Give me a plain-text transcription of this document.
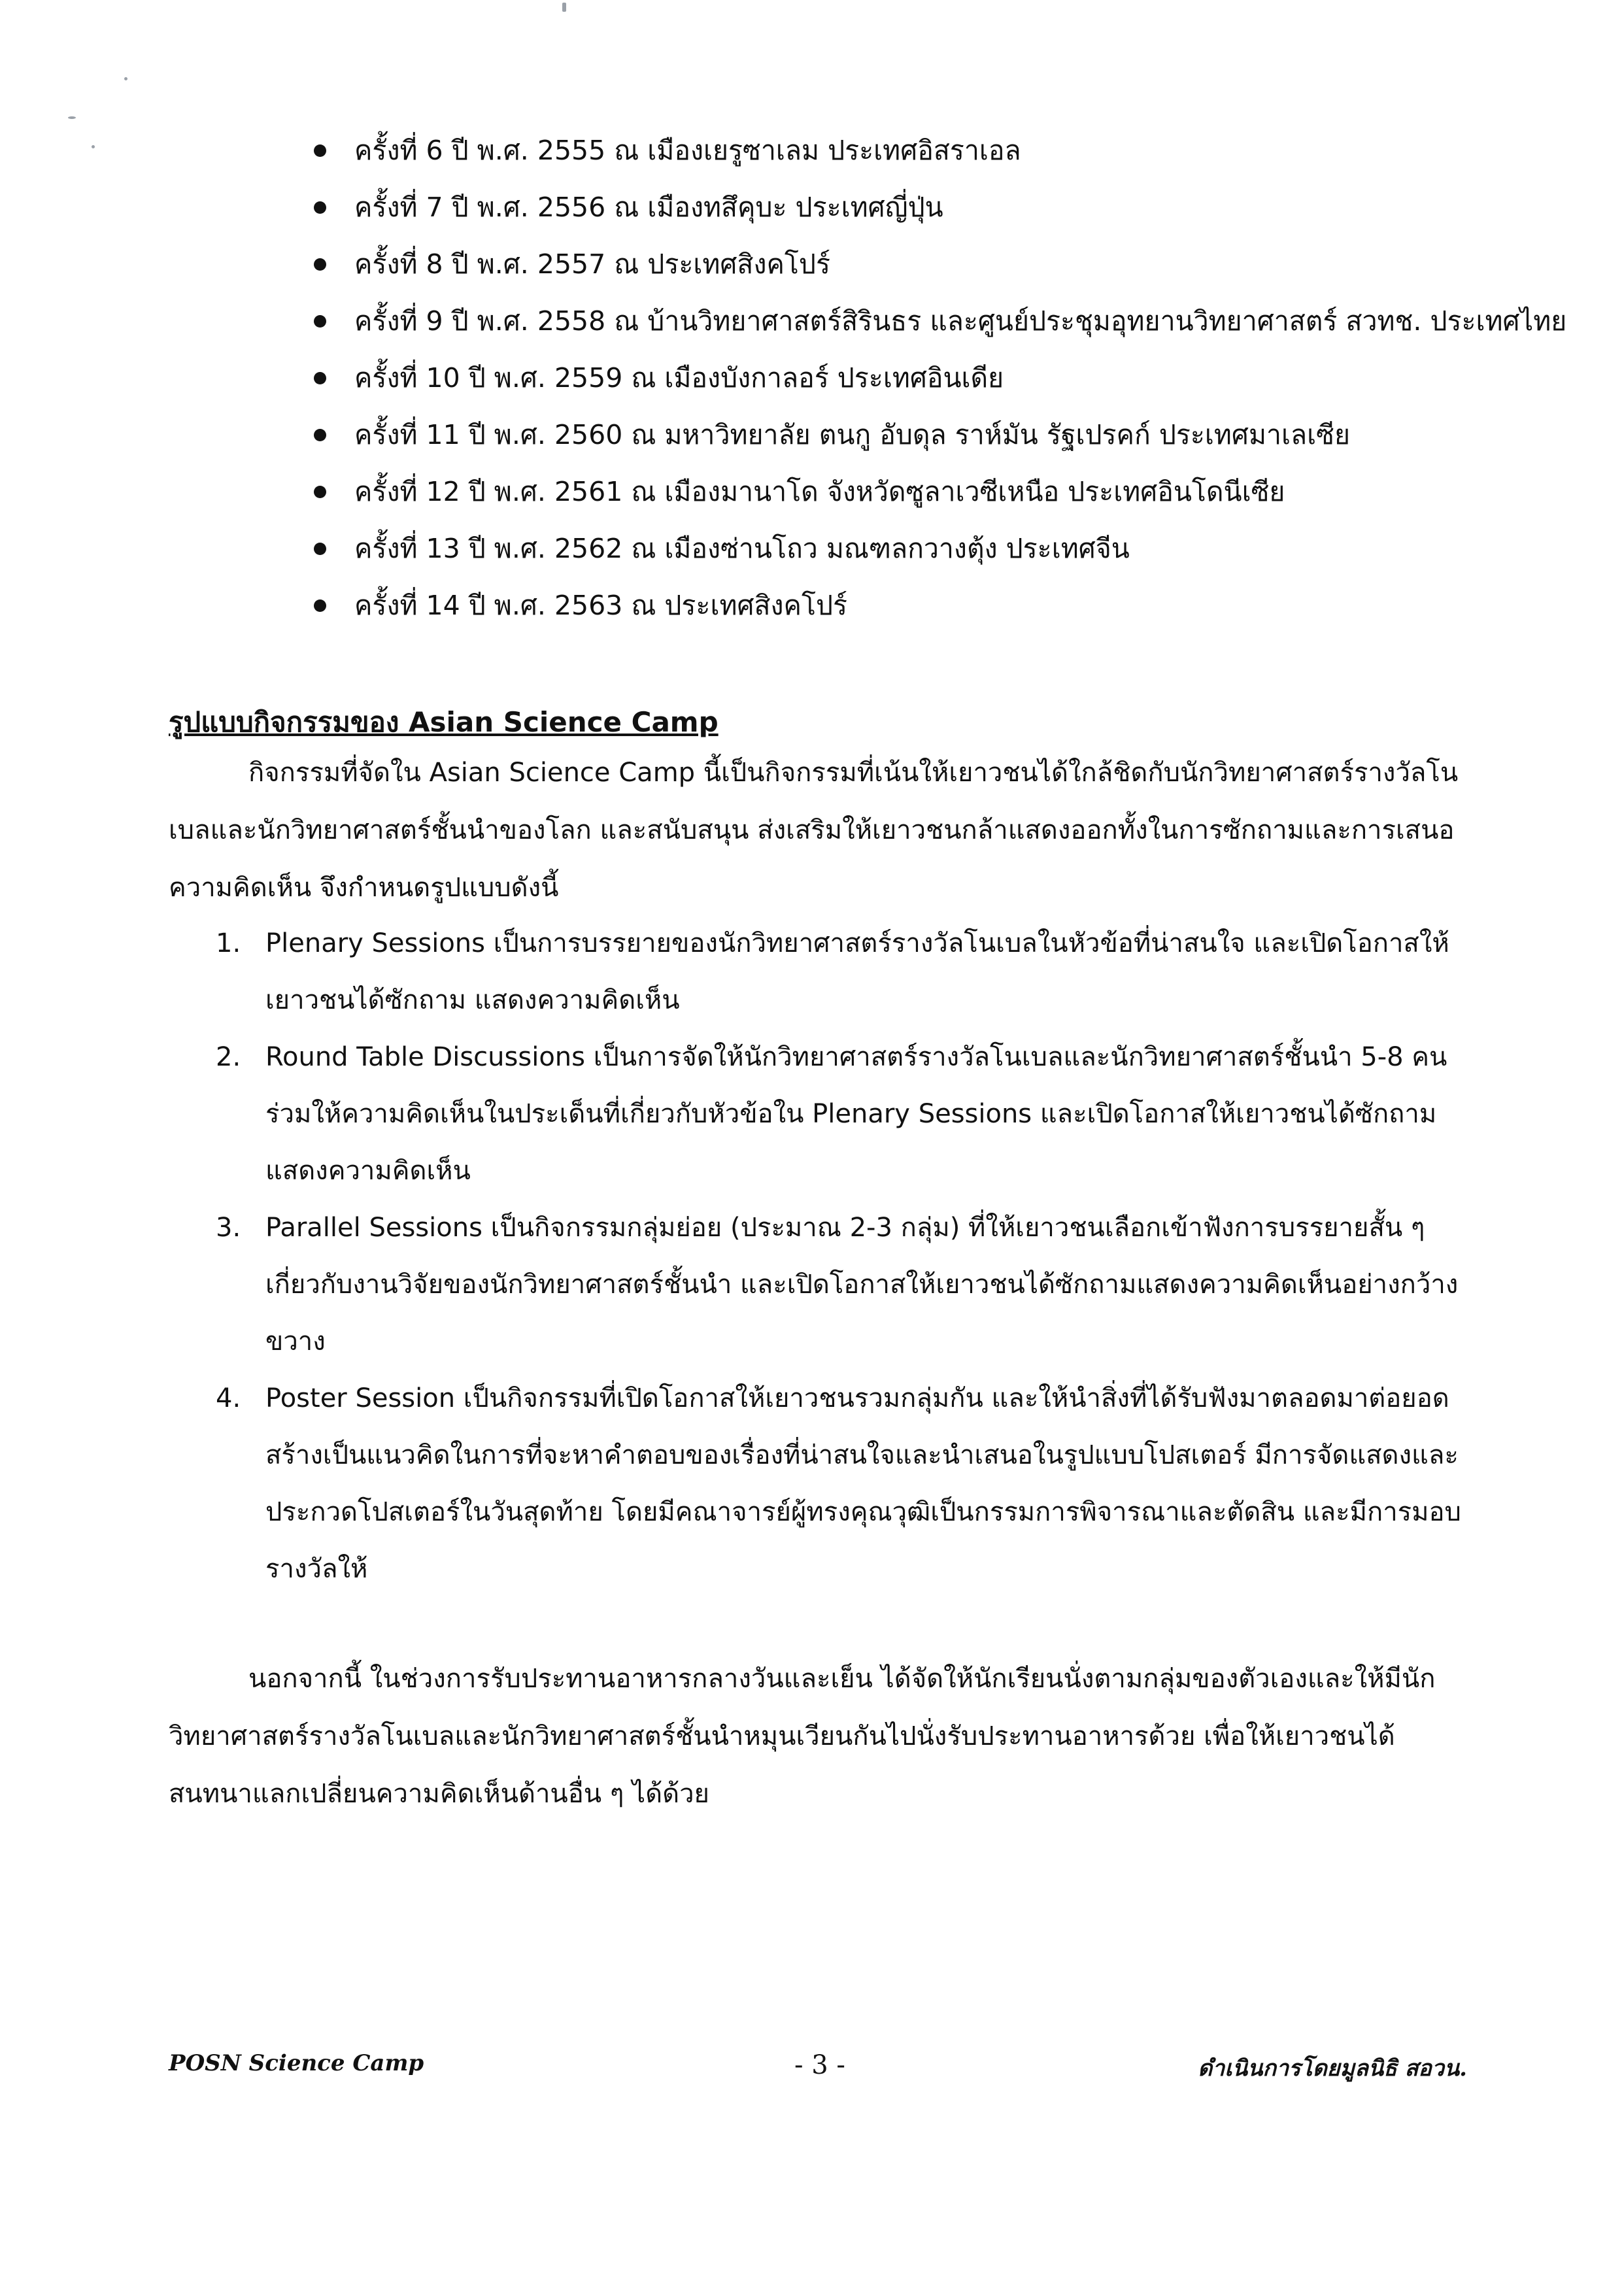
ครั้งที่ 6 ปี พ.ศ. 2555 ณ เมืองเยรูซาเลม ประเทศอิสราเอล
ครั้งที่ 7 ปี พ.ศ. 2556 ณ เมืองทสึคุบะ ประเทศญี่ปุ่น
ครั้งที่ 8 ปี พ.ศ. 2557 ณ ประเทศสิงคโปร์
ครั้งที่ 9 ปี พ.ศ. 2558 ณ บ้านวิทยาศาสตร์สิรินธร และศูนย์ประชุมอุทยานวิทยาศาสตร์ สวทช. ประเทศไทย
ครั้งที่ 10 ปี พ.ศ. 2559 ณ เมืองบังกาลอร์ ประเทศอินเดีย
ครั้งที่ 11 ปี พ.ศ. 2560 ณ มหาวิทยาลัย ตนกู อับดุล ราห์มัน รัฐเปรคก์ ประเทศมาเลเซีย
ครั้งที่ 12 ปี พ.ศ. 2561 ณ เมืองมานาโด จังหวัดซูลาเวซีเหนือ ประเทศอินโดนีเซีย
ครั้งที่ 13 ปี พ.ศ. 2562 ณ เมืองซ่านโถว มณฑลกวางตุ้ง ประเทศจีน
ครั้งที่ 14 ปี พ.ศ. 2563 ณ ประเทศสิงคโปร์
รูปแบบกิจกรรมของ Asian Science Camp
กิจกรรมที่จัดใน Asian Science Camp นี้เป็นกิจกรรมที่เน้นให้เยาวชนได้ใกล้ชิดกับนักวิทยาศาสตร์รางวัลโนเบลและนักวิทยาศาสตร์ชั้นนำของโลก และสนับสนุน ส่งเสริมให้เยาวชนกล้าแสดงออกทั้งในการซักถามและการเสนอความคิดเห็น จึงกำหนดรูปแบบดังนี้
1. Plenary Sessions เป็นการบรรยายของนักวิทยาศาสตร์รางวัลโนเบลในหัวข้อที่น่าสนใจ และเปิดโอกาสให้เยาวชนได้ซักถาม แสดงความคิดเห็น
2. Round Table Discussions เป็นการจัดให้นักวิทยาศาสตร์รางวัลโนเบลและนักวิทยาศาสตร์ชั้นนำ 5-8 คน ร่วมให้ความคิดเห็นในประเด็นที่เกี่ยวกับหัวข้อใน Plenary Sessions และเปิดโอกาสให้เยาวชนได้ซักถามแสดงความคิดเห็น
3. Parallel Sessions เป็นกิจกรรมกลุ่มย่อย (ประมาณ 2-3 กลุ่ม) ที่ให้เยาวชนเลือกเข้าฟังการบรรยายสั้น ๆ เกี่ยวกับงานวิจัยของนักวิทยาศาสตร์ชั้นนำ และเปิดโอกาสให้เยาวชนได้ซักถามแสดงความคิดเห็นอย่างกว้างขวาง
4. Poster Session เป็นกิจกรรมที่เปิดโอกาสให้เยาวชนรวมกลุ่มกัน และให้นำสิ่งที่ได้รับฟังมาตลอดมาต่อยอดสร้างเป็นแนวคิดในการที่จะหาคำตอบของเรื่องที่น่าสนใจและนำเสนอในรูปแบบโปสเตอร์ มีการจัดแสดงและประกวดโปสเตอร์ในวันสุดท้าย โดยมีคณาจารย์ผู้ทรงคุณวุฒิเป็นกรรมการพิจารณาและตัดสิน และมีการมอบรางวัลให้
นอกจากนี้ ในช่วงการรับประทานอาหารกลางวันและเย็น ได้จัดให้นักเรียนนั่งตามกลุ่มของตัวเองและให้มีนักวิทยาศาสตร์รางวัลโนเบลและนักวิทยาศาสตร์ชั้นนำหมุนเวียนกันไปนั่งรับประทานอาหารด้วย เพื่อให้เยาวชนได้สนทนาแลกเปลี่ยนความคิดเห็นด้านอื่น ๆ ได้ด้วย
POSN Science Camp	- 3 -	ดำเนินการโดยมูลนิธิ สอวน.
